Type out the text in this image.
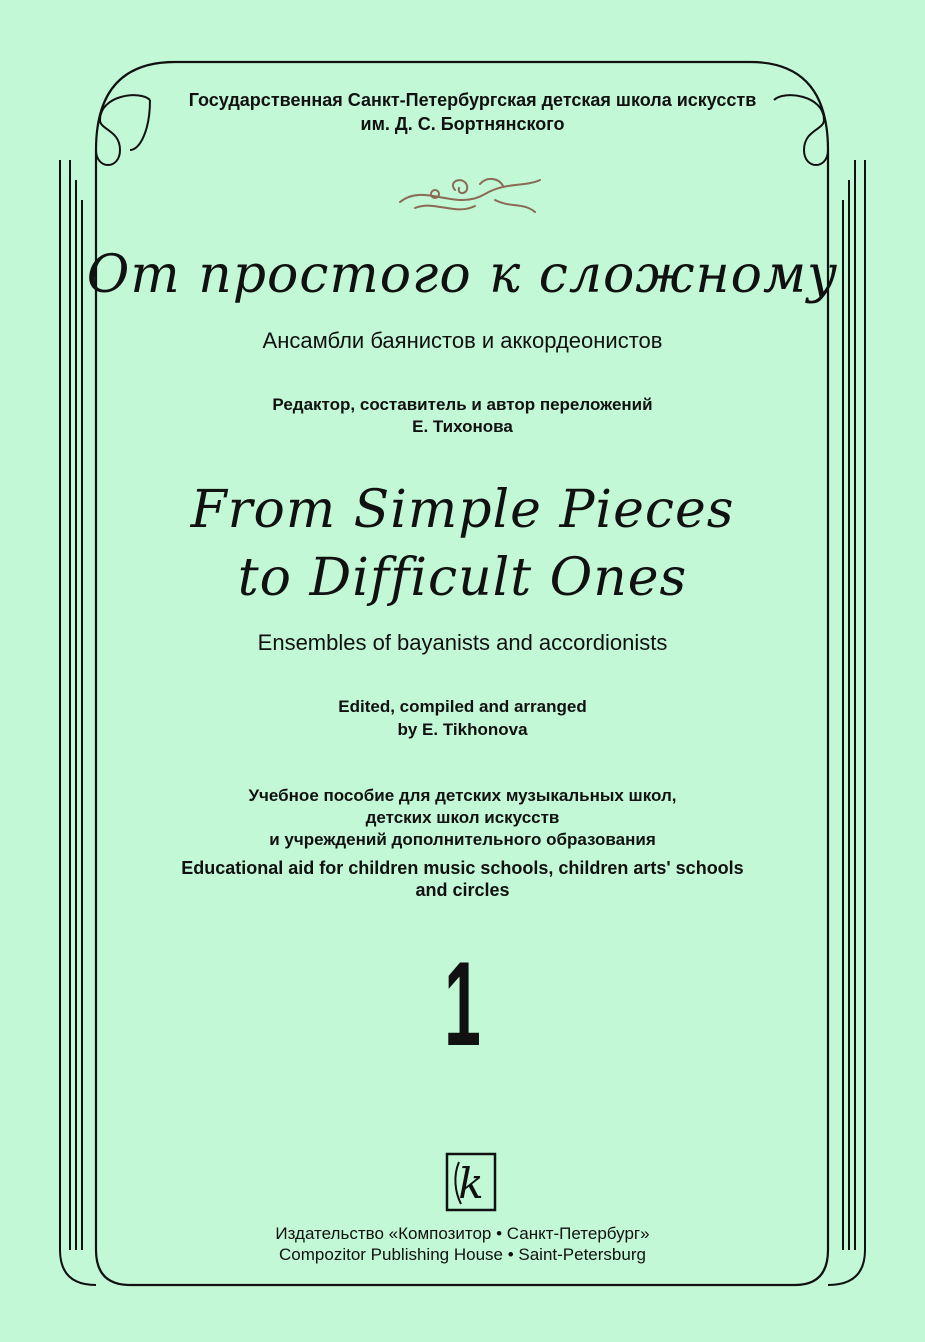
Государственная Санкт-Петербургская детская школа искусств
им. Д. С. Бортнянского
От простого к сложному
Ансамбли баянистов и аккордеонистов
Редактор, составитель и автор переложений
Е. Тихонова
From Simple Pieces
to Difficult Ones
Ensembles of bayanists and accordionists
Edited, compiled and arranged
by E. Tikhonova
Учебное пособие для детских музыкальных школ,
детских школ искусств
и учреждений дополнительного образования
Educational aid for children music schools, children arts' schools
and circles
1
k
Издательство «Композитор • Санкт-Петербург»
Compozitor Publishing House • Saint-Petersburg
